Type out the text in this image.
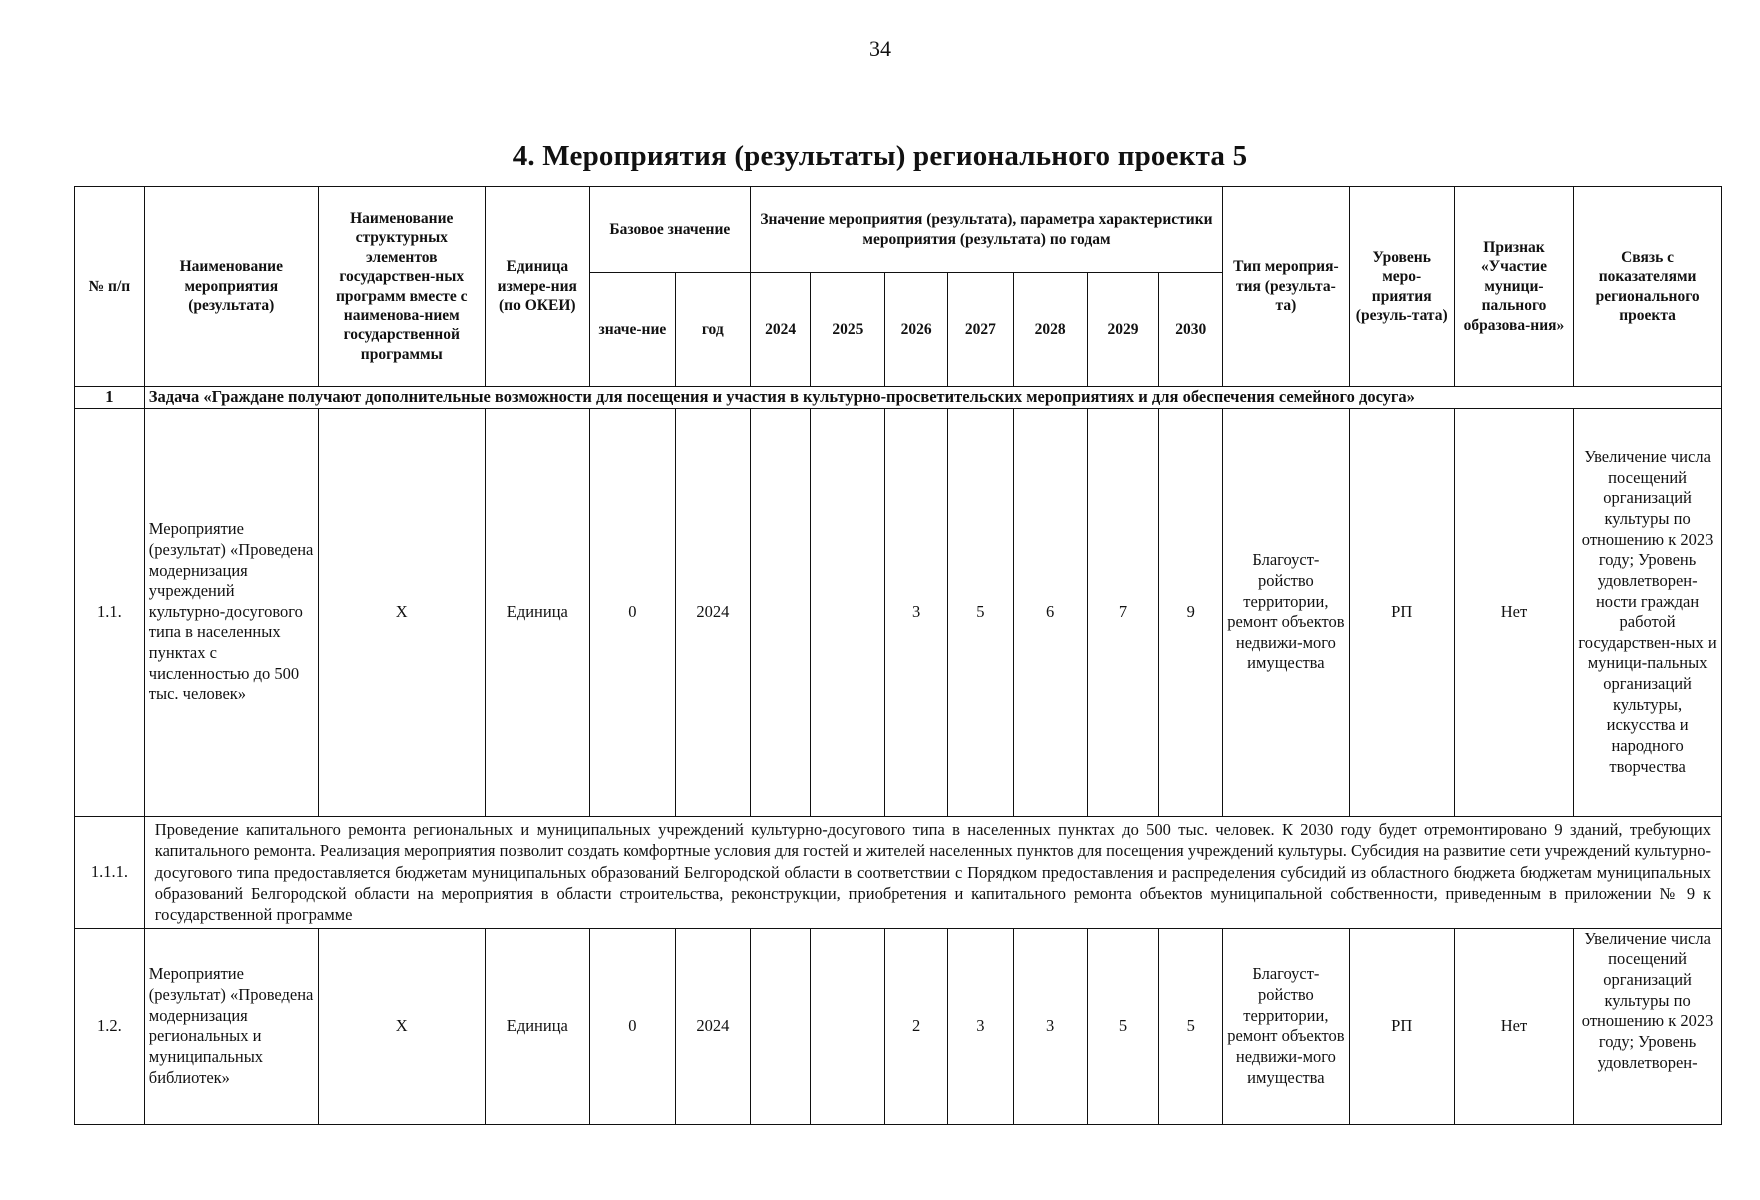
34
4. Мероприятия (результаты) регионального проекта 5
№ п/п	Наименование мероприятия (результата)	Наименование структурных элементов государствен-ных программ вместе с наименова-нием государственной программы	Единица измере-ния (по ОКЕИ)	Базовое значение		Значение мероприятия (результата), параметра характеристики мероприятия (результата) по годам							Тип мероприя-тия (результа-та)	Уровень меро-приятия (резуль-тата)	Признак «Участие муници-пального образова-ния»	Связь с показателями регионального проекта
				значе-ние	год	2024	2025	2026	2027	2028	2029	2030				
1	Задача «Граждане получают дополнительные возможности для посещения и участия в культурно-просветительских мероприятиях и для обеспечения семейного досуга»															
1.1.	Мероприятие (результат) «Проведена модернизация учреждений культурно-досугового типа в населенных пунктах с численностью до 500 тыс. человек»	Х	Единица	0	2024			3	5	6	7	9	Благоуст-ройство территории, ремонт объектов недвижи-мого имущества	РП	Нет	Увеличение числа посещений организаций культуры по отношению к 2023 году; Уровень удовлетворен-ности граждан работой государствен-ных и муници-пальных организаций культуры, искусства и народного творчества
1.1.1.	Проведение капитального ремонта региональных и муниципальных учреждений культурно-досугового типа в населенных пунктах до 500 тыс. человек. К 2030 году будет отремонтировано 9 зданий, требующих капитального ремонта. Реализация мероприятия позволит создать комфортные условия для гостей и жителей населенных пунктов для посещения учреждений культуры. Субсидия на развитие сети учреждений культурно-досугового типа предоставляется бюджетам муниципальных образований Белгородской области в соответствии с Порядком предоставления и распределения субсидий из областного бюджета бюджетам муниципальных образований Белгородской области на мероприятия в области строительства, реконструкции, приобретения и капитального ремонта объектов муниципальной собственности, приведенным в приложении № 9 к государственной программе															
1.2.	Мероприятие (результат) «Проведена модернизация региональных и муниципальных библиотек»	Х	Единица	0	2024			2	3	3	5	5	Благоуст-ройство территории, ремонт объектов недвижи-мого имущества	РП	Нет	Увеличение числа посещений организаций культуры по отношению к 2023 году; Уровень удовлетворен-
